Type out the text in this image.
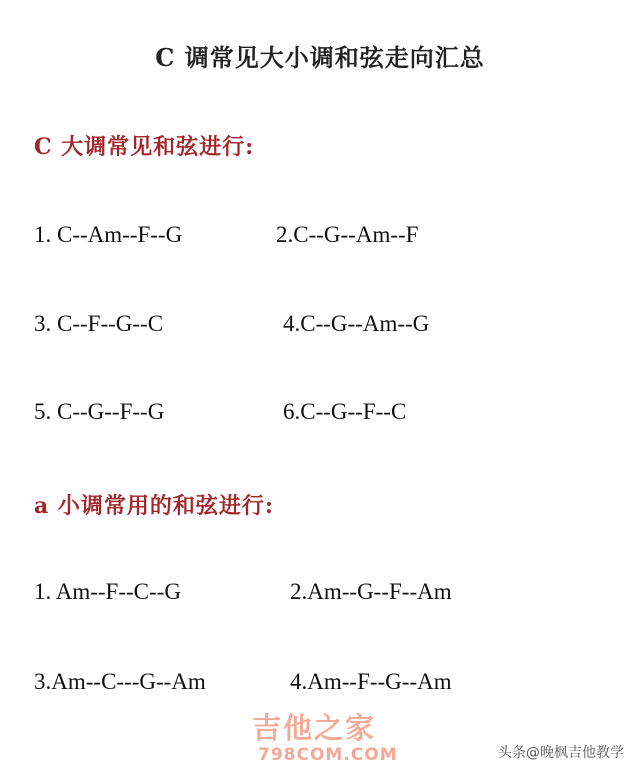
C 调常见大小调和弦走向汇总
C 大调常见和弦进行:
1. C--Am--F--G	2.C--G--Am--F
3. C--F--G--C	4.C--G--Am--G
5. C--G--F--G	6.C--G--F--C
a 小调常用的和弦进行:
1. Am--F--C--G	2.Am--G--F--Am
3.Am--C---G--Am	4.Am--F--G--Am
吉他之家
798COM.COM	头条@晚枫吉他教学
